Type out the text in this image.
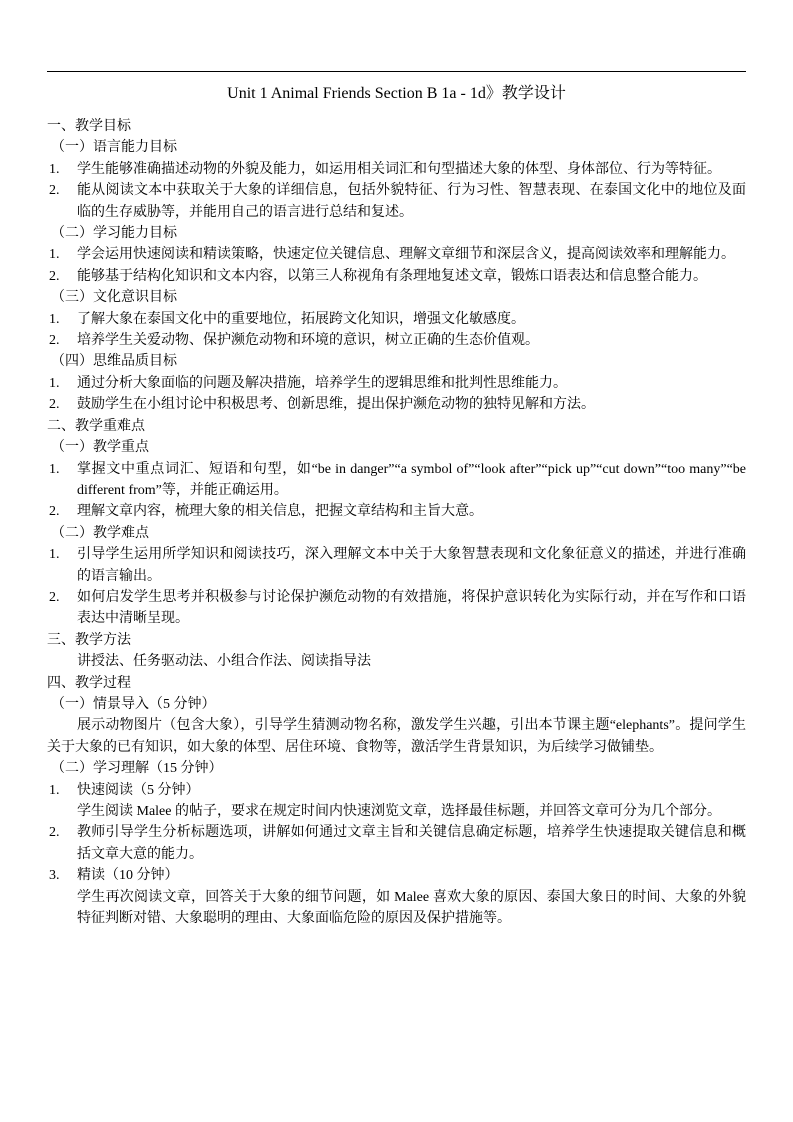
Unit 1 Animal Friends Section B 1a - 1d》教学设计
一、教学目标
（一）语言能力目标
1. 学生能够准确描述动物的外貌及能力，如运用相关词汇和句型描述大象的体型、身体部位、行为等特征。
2. 能从阅读文本中获取关于大象的详细信息，包括外貌特征、行为习性、智慧表现、在泰国文化中的地位及面临的生存威胁等，并能用自己的语言进行总结和复述。
（二）学习能力目标
1. 学会运用快速阅读和精读策略，快速定位关键信息、理解文章细节和深层含义，提高阅读效率和理解能力。
2. 能够基于结构化知识和文本内容，以第三人称视角有条理地复述文章，锻炼口语表达和信息整合能力。
（三）文化意识目标
1. 了解大象在泰国文化中的重要地位，拓展跨文化知识，增强文化敏感度。
2. 培养学生关爱动物、保护濒危动物和环境的意识，树立正确的生态价值观。
（四）思维品质目标
1. 通过分析大象面临的问题及解决措施，培养学生的逻辑思维和批判性思维能力。
2. 鼓励学生在小组讨论中积极思考、创新思维，提出保护濒危动物的独特见解和方法。
二、教学重难点
（一）教学重点
1. 掌握文中重点词汇、短语和句型，如“be in danger”“a symbol of”“look after”“pick up”“cut down”“too many”“be different from”等，并能正确运用。
2. 理解文章内容，梳理大象的相关信息，把握文章结构和主旨大意。
（二）教学难点
1. 引导学生运用所学知识和阅读技巧，深入理解文本中关于大象智慧表现和文化象征意义的描述，并进行准确的语言输出。
2. 如何启发学生思考并积极参与讨论保护濒危动物的有效措施，将保护意识转化为实际行动，并在写作和口语表达中清晰呈现。
三、教学方法
讲授法、任务驱动法、小组合作法、阅读指导法
四、教学过程
（一）情景导入（5 分钟）
展示动物图片（包含大象），引导学生猜测动物名称，激发学生兴趣，引出本节课主题“elephants”。提问学生关于大象的已有知识，如大象的体型、居住环境、食物等，激活学生背景知识，为后续学习做铺垫。
（二）学习理解（15 分钟）
1. 快速阅读（5 分钟）
学生阅读 Malee 的帖子，要求在规定时间内快速浏览文章，选择最佳标题，并回答文章可分为几个部分。
2. 教师引导学生分析标题选项，讲解如何通过文章主旨和关键信息确定标题，培养学生快速提取关键信息和概括文章大意的能力。
3. 精读（10 分钟）
学生再次阅读文章，回答关于大象的细节问题，如 Malee 喜欢大象的原因、泰国大象日的时间、大象的外貌特征判断对错、大象聪明的理由、大象面临危险的原因及保护措施等。
